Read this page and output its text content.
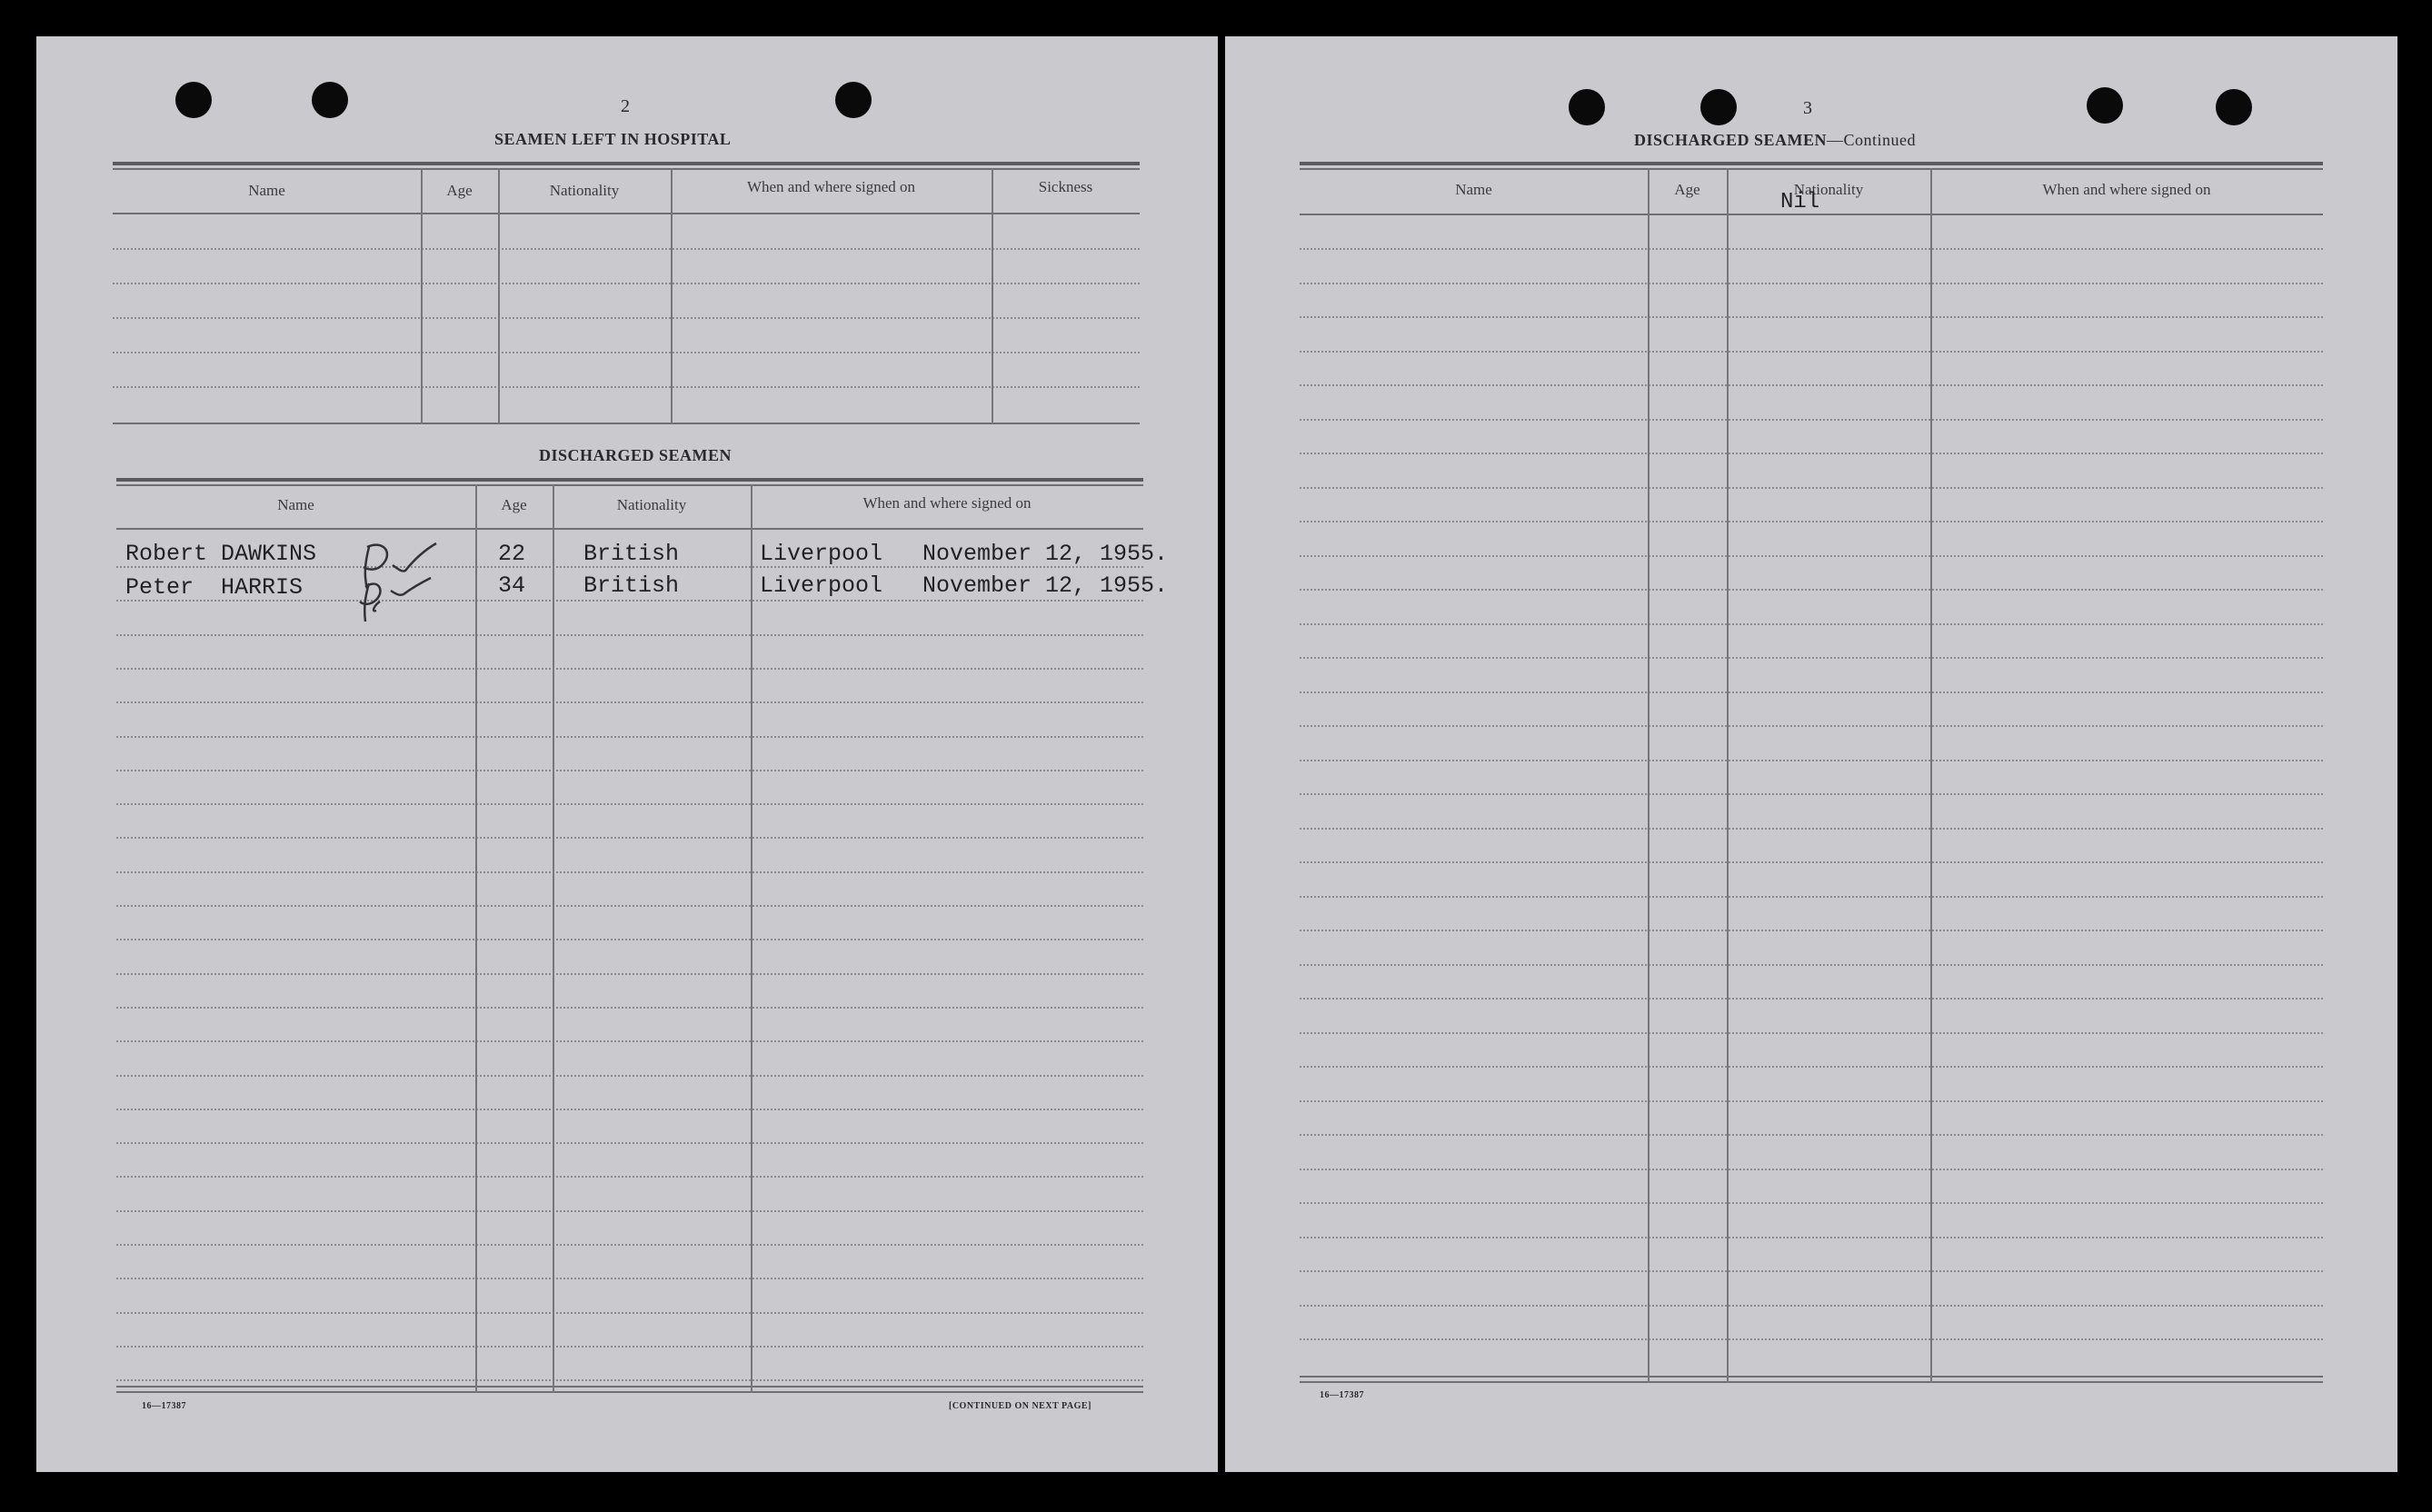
2
SEAMEN LEFT IN HOSPITAL
Name	Age	Nationality	When and where signed on	Sickness
DISCHARGED SEAMEN
Name	Age	Nationality	When and where signed on
Robert DAWKINS	22	British	Liverpool November 12, 1955.
Peter  HARRIS	34	British	Liverpool November 12, 1955.
16—17387	[CONTINUED ON NEXT PAGE]
3
DISCHARGED SEAMEN—Continued
Name	Age	Nationality	When and where signed on
Nil
16—17387
